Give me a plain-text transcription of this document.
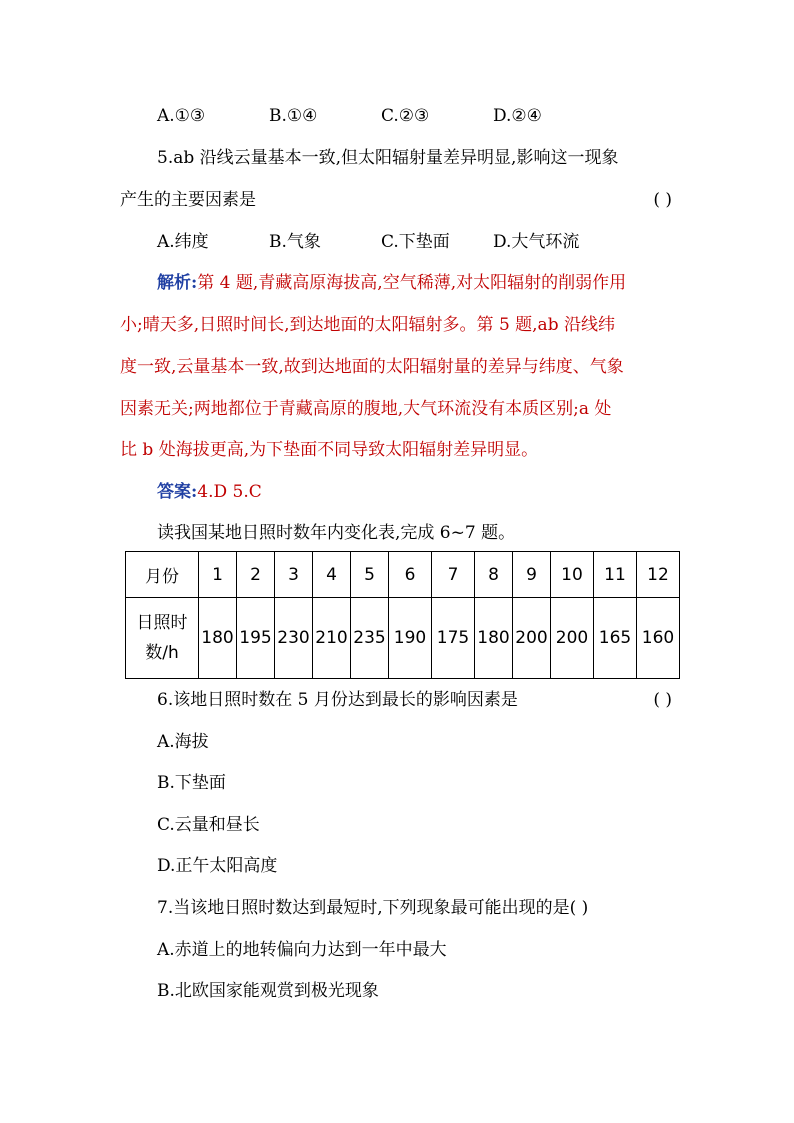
A.①③	B.①④	C.②③	D.②④
5.ab 沿线云量基本一致,但太阳辐射量差异明显,影响这一现象
产生的主要因素是	( )
A.纬度	B.气象	C.下垫面	D.大气环流
解析:第 4 题,青藏高原海拔高,空气稀薄,对太阳辐射的削弱作用
小;晴天多,日照时间长,到达地面的太阳辐射多。第 5 题,ab 沿线纬
度一致,云量基本一致,故到达地面的太阳辐射量的差异与纬度、气象
因素无关;两地都位于青藏高原的腹地,大气环流没有本质区别;a 处
比 b 处海拔更高,为下垫面不同导致太阳辐射差异明显。
答案:4.D 5.C
读我国某地日照时数年内变化表,完成 6~7 题。
月份	1	2	3	4	5	6	7	8	9	10	11	12

日照时
数/h	180	195	230	210	235	190	175	180	200	200	165	160
6.该地日照时数在 5 月份达到最长的影响因素是	( )
A.海拔
B.下垫面
C.云量和昼长
D.正午太阳高度
7.当该地日照时数达到最短时,下列现象最可能出现的是( )
A.赤道上的地转偏向力达到一年中最大
B.北欧国家能观赏到极光现象
